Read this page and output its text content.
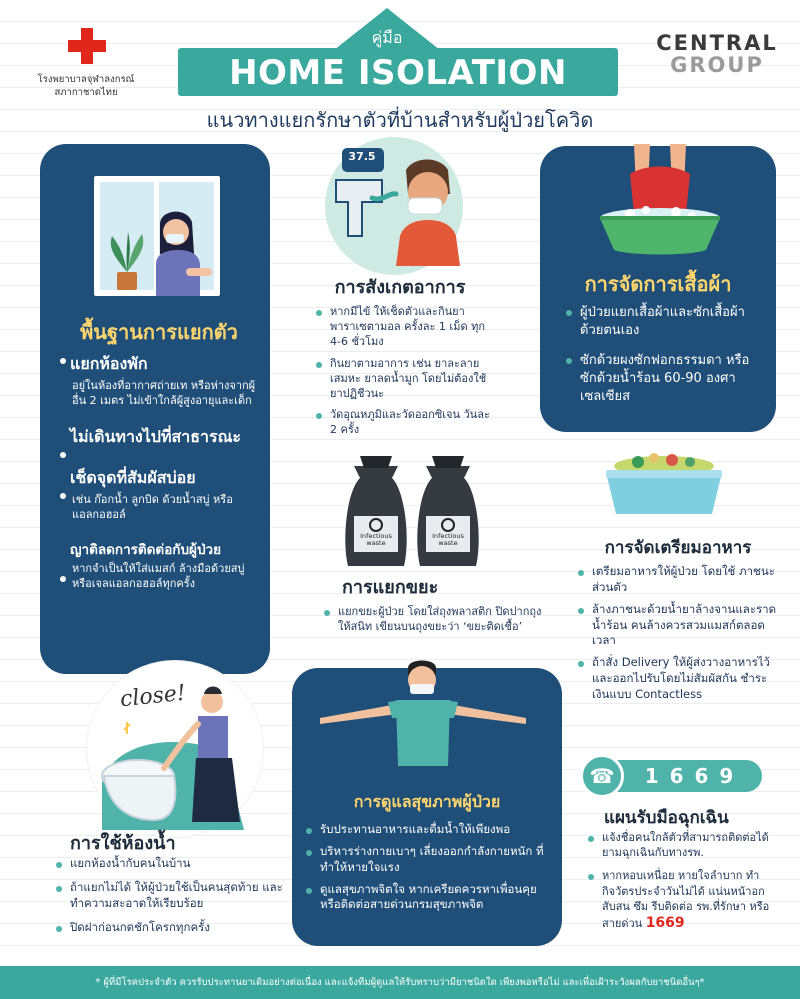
โรงพยาบาลจุฬาลงกรณ์
สภากาชาดไทย
คู่มือ
HOME ISOLATION
แนวทางแยกรักษาตัวที่บ้านสำหรับผู้ป่วยโควิด
CENTRAL
GROUP
พื้นฐานการแยกตัว
แยกห้องพัก
อยู่ในห้องที่อากาศถ่ายเท หรือห่างจากผู้อื่น 2 เมตร ไม่เข้าใกล้ผู้สูงอายุและเด็ก
ไม่เดินทางไปที่สาธารณะ
เช็ดจุดที่สัมผัสบ่อย
เช่น ก๊อกน้ำ ลูกบิด ด้วยน้ำสบู่ หรือแอลกอฮอล์
ญาติลดการติดต่อกับผู้ป่วย
หากจำเป็นให้ใส่แมสก์ ล้างมือด้วยสบู่หรือเจลแอลกอฮอล์ทุกครั้ง
37.5
การสังเกตอาการ
หากมีไข้ ให้เช็ดตัวและกินยาพาราเซตามอล ครั้งละ 1 เม็ด ทุก 4-6 ชั่วโมง
กินยาตามอาการ เช่น ยาละลายเสมหะ ยาลดน้ำมูก โดยไม่ต้องใช้ยาปฏิชีวนะ
วัดอุณหภูมิและวัดออกซิเจน วันละ 2 ครั้ง
การจัดการเสื้อผ้า
ผู้ป่วยแยกเสื้อผ้าและซักเสื้อผ้าด้วยตนเอง
ซักด้วยผงซักฟอกธรรมดา หรือซักด้วยน้ำร้อน 60-90 องศาเซลเซียส
Infectious
waste
Infectious
waste
การแยกขยะ
แยกขยะผู้ป่วย โดยใส่ถุงพลาสติก ปิดปากถุงให้สนิท เขียนบนถุงขยะว่า ‘ขยะติดเชื้อ’
การจัดเตรียมอาหาร
เตรียมอาหารให้ผู้ป่วย โดยใช้ ภาชนะส่วนตัว
ล้างภาชนะด้วยน้ำยาล้างจานและราดน้ำร้อน คนล้างควรสวมแมสก์ตลอดเวลา
ถ้าสั่ง Delivery ให้ผู้ส่งวางอาหารไว้ และออกไปรับโดยไม่สัมผัสกัน ชำระเงินแบบ Contactless
close!
การใช้ห้องน้ำ
แยกห้องน้ำกับคนในบ้าน
ถ้าแยกไม่ได้ ให้ผู้ป่วยใช้เป็นคนสุดท้าย และทำความสะอาดให้เรียบร้อย
ปิดฝาก่อนกดชักโครกทุกครั้ง
การดูแลสุขภาพผู้ป่วย
รับประทานอาหารและดื่มน้ำให้เพียงพอ
บริหารร่างกายเบาๆ เลี่ยงออกกำลังกายหนัก ที่ทำให้หายใจแรง
ดูแลสุขภาพจิตใจ หากเครียดควรหาเพื่อนคุย หรือติดต่อสายด่วนกรมสุขภาพจิต
☎	1 6 6 9
แผนรับมือฉุกเฉิน
แจ้งชื่อคนใกล้ตัวที่สามารถติดต่อได้ยามฉุกเฉินกับทางรพ.
หากหอบเหนื่อย หายใจลำบาก ทำกิจวัตรประจำวันไม่ได้ แน่นหน้าอก สับสน ซึม รีบติดต่อ รพ.ที่รักษา หรือสายด่วน 1669
* ผู้ที่มีโรคประจำตัว ควรรับประทานยาเดิมอย่างต่อเนื่อง และแจ้งทีมผู้ดูแลให้รับทราบว่ามียาชนิดใด เพียงพอหรือไม่ และเพื่อเฝ้าระวังผลกับยาชนิดอื่นๆ*
